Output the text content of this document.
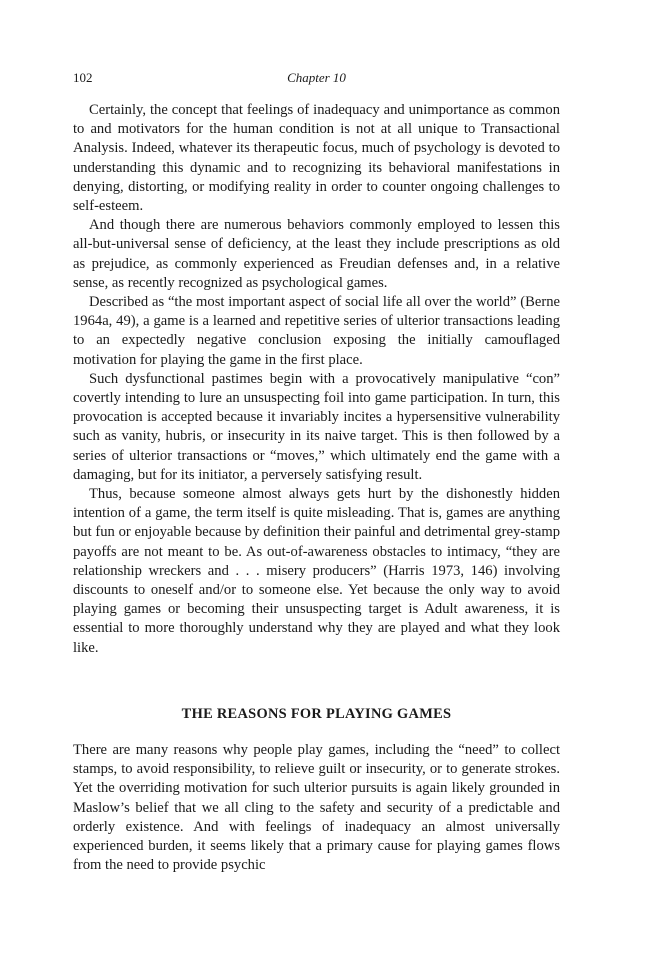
102	Chapter 10

Certainly, the concept that feelings of inadequacy and unimportance as common to and motivators for the human condition is not at all unique to Transactional Analysis. Indeed, whatever its therapeutic focus, much of psychology is devoted to understanding this dynamic and to recognizing its behavioral manifestations in denying, distorting, or modifying reality in order to counter ongoing challenges to self-esteem.

And though there are numerous behaviors commonly employed to lessen this all-but-universal sense of deficiency, at the least they include prescriptions as old as prejudice, as commonly experienced as Freudian defenses and, in a relative sense, as recently recognized as psychological games.

Described as “the most important aspect of social life all over the world” (Berne 1964a, 49), a game is a learned and repetitive series of ulterior transactions leading to an expectedly negative conclusion exposing the initially camouflaged motivation for playing the game in the first place.

Such dysfunctional pastimes begin with a provocatively manipulative “con” covertly intending to lure an unsuspecting foil into game participation. In turn, this provocation is accepted because it invariably incites a hypersensitive vulnerability such as vanity, hubris, or insecurity in its naive target. This is then followed by a series of ulterior transactions or “moves,” which ultimately end the game with a damaging, but for its initiator, a perversely satisfying result.

Thus, because someone almost always gets hurt by the dishonestly hidden intention of a game, the term itself is quite misleading. That is, games are anything but fun or enjoyable because by definition their painful and detrimental grey-stamp payoffs are not meant to be. As out-of-awareness obstacles to intimacy, “they are relationship wreckers and . . . misery producers” (Harris 1973, 146) involving discounts to oneself and/or to someone else. Yet because the only way to avoid playing games or becoming their unsuspecting target is Adult awareness, it is essential to more thoroughly understand why they are played and what they look like.

THE REASONS FOR PLAYING GAMES

There are many reasons why people play games, including the “need” to collect stamps, to avoid responsibility, to relieve guilt or insecurity, or to generate strokes. Yet the overriding motivation for such ulterior pursuits is again likely grounded in Maslow’s belief that we all cling to the safety and security of a predictable and orderly existence. And with feelings of inadequacy an almost universally experienced burden, it seems likely that a primary cause for playing games flows from the need to provide psychic
